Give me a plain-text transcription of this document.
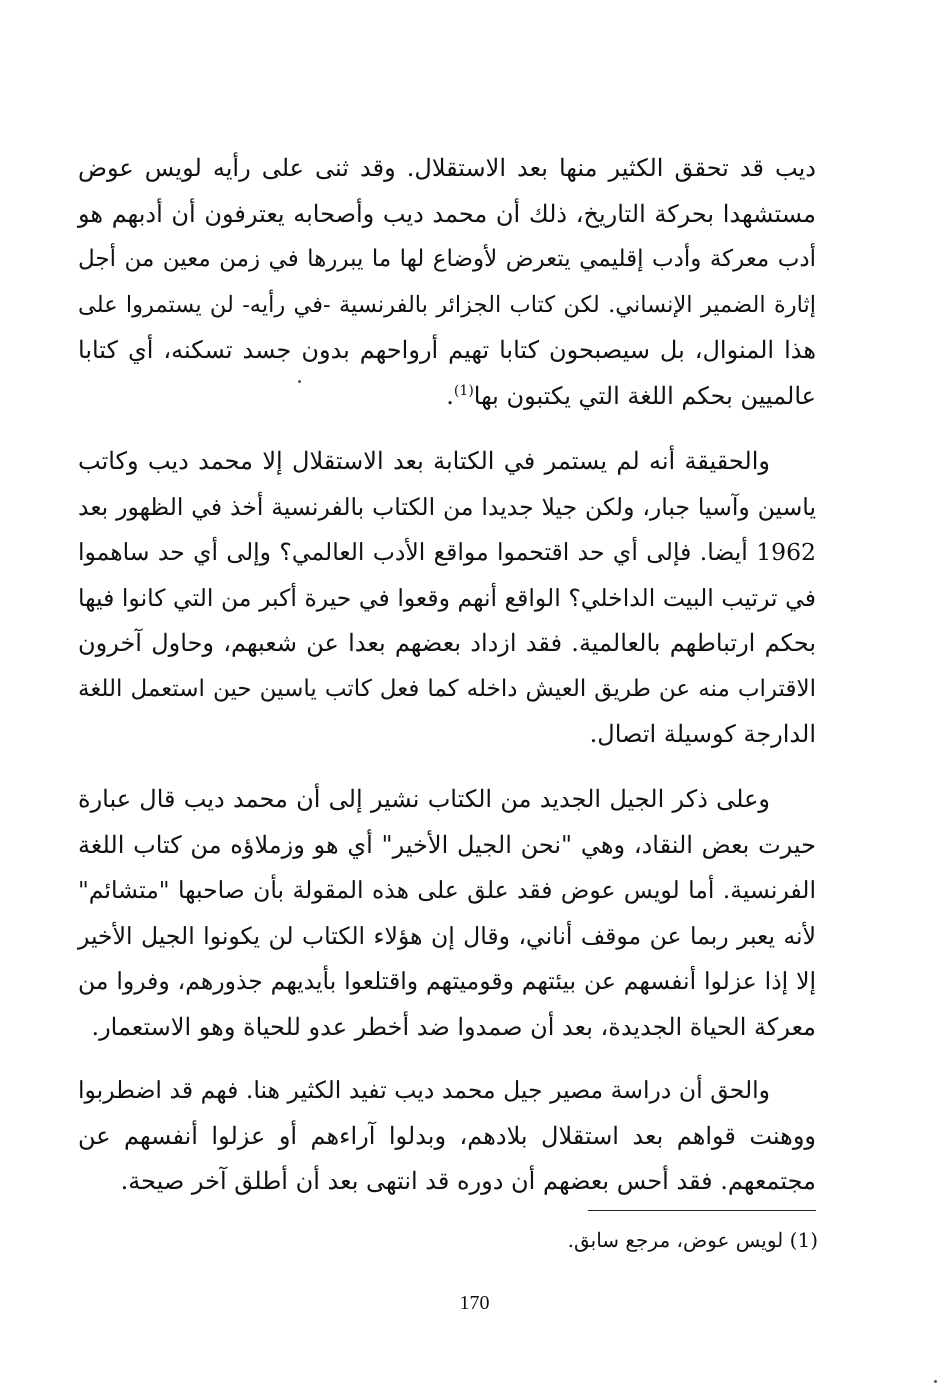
ديب قد تحقق الكثير منها بعد الاستقلال. وقد ثنى على رأيه لويس عوض
مستشهدا بحركة التاريخ، ذلك أن محمد ديب وأصحابه يعترفون أن أدبهم هو
أدب معركة وأدب إقليمي يتعرض لأوضاع لها ما يبررها في زمن معين من أجل
إثارة الضمير الإنساني. لكن كتاب الجزائر بالفرنسية -في رأيه- لن يستمروا على
هذا المنوال، بل سيصبحون كتابا تهيم أرواحهم بدون جسد تسكنه، أي كتابا
عالميين بحكم اللغة التي يكتبون بها$^{(1)}$.
والحقيقة أنه لم يستمر في الكتابة بعد الاستقلال إلا محمد ديب وكاتب
ياسين وآسيا جبار، ولكن جيلا جديدا من الكتاب بالفرنسية أخذ في الظهور بعد
1962 أيضا. فإلى أي حد اقتحموا مواقع الأدب العالمي؟ وإلى أي حد ساهموا
في ترتيب البيت الداخلي؟ الواقع أنهم وقعوا في حيرة أكبر من التي كانوا فيها
بحكم ارتباطهم بالعالمية. فقد ازداد بعضهم بعدا عن شعبهم، وحاول آخرون
الاقتراب منه عن طريق العيش داخله كما فعل كاتب ياسين حين استعمل اللغة
الدارجة كوسيلة اتصال.
وعلى ذكر الجيل الجديد من الكتاب نشير إلى أن محمد ديب قال عبارة
حيرت بعض النقاد، وهي "نحن الجيل الأخير" أي هو وزملاؤه من كتاب اللغة
الفرنسية. أما لويس عوض فقد علق على هذه المقولة بأن صاحبها "متشائم"
لأنه يعبر ربما عن موقف أناني، وقال إن هؤلاء الكتاب لن يكونوا الجيل الأخير
إلا إذا عزلوا أنفسهم عن بيئتهم وقوميتهم واقتلعوا بأيديهم جذورهم، وفروا من
معركة الحياة الجديدة، بعد أن صمدوا ضد أخطر عدو للحياة وهو الاستعمار.
والحق أن دراسة مصير جيل محمد ديب تفيد الكثير هنا. فهم قد اضطربوا
ووهنت قواهم بعد استقلال بلادهم، وبدلوا آراءهم أو عزلوا أنفسهم عن
مجتمعهم. فقد أحس بعضهم أن دوره قد انتهى بعد أن أطلق آخر صيحة.
(1) لويس عوض، مرجع سابق.
170
